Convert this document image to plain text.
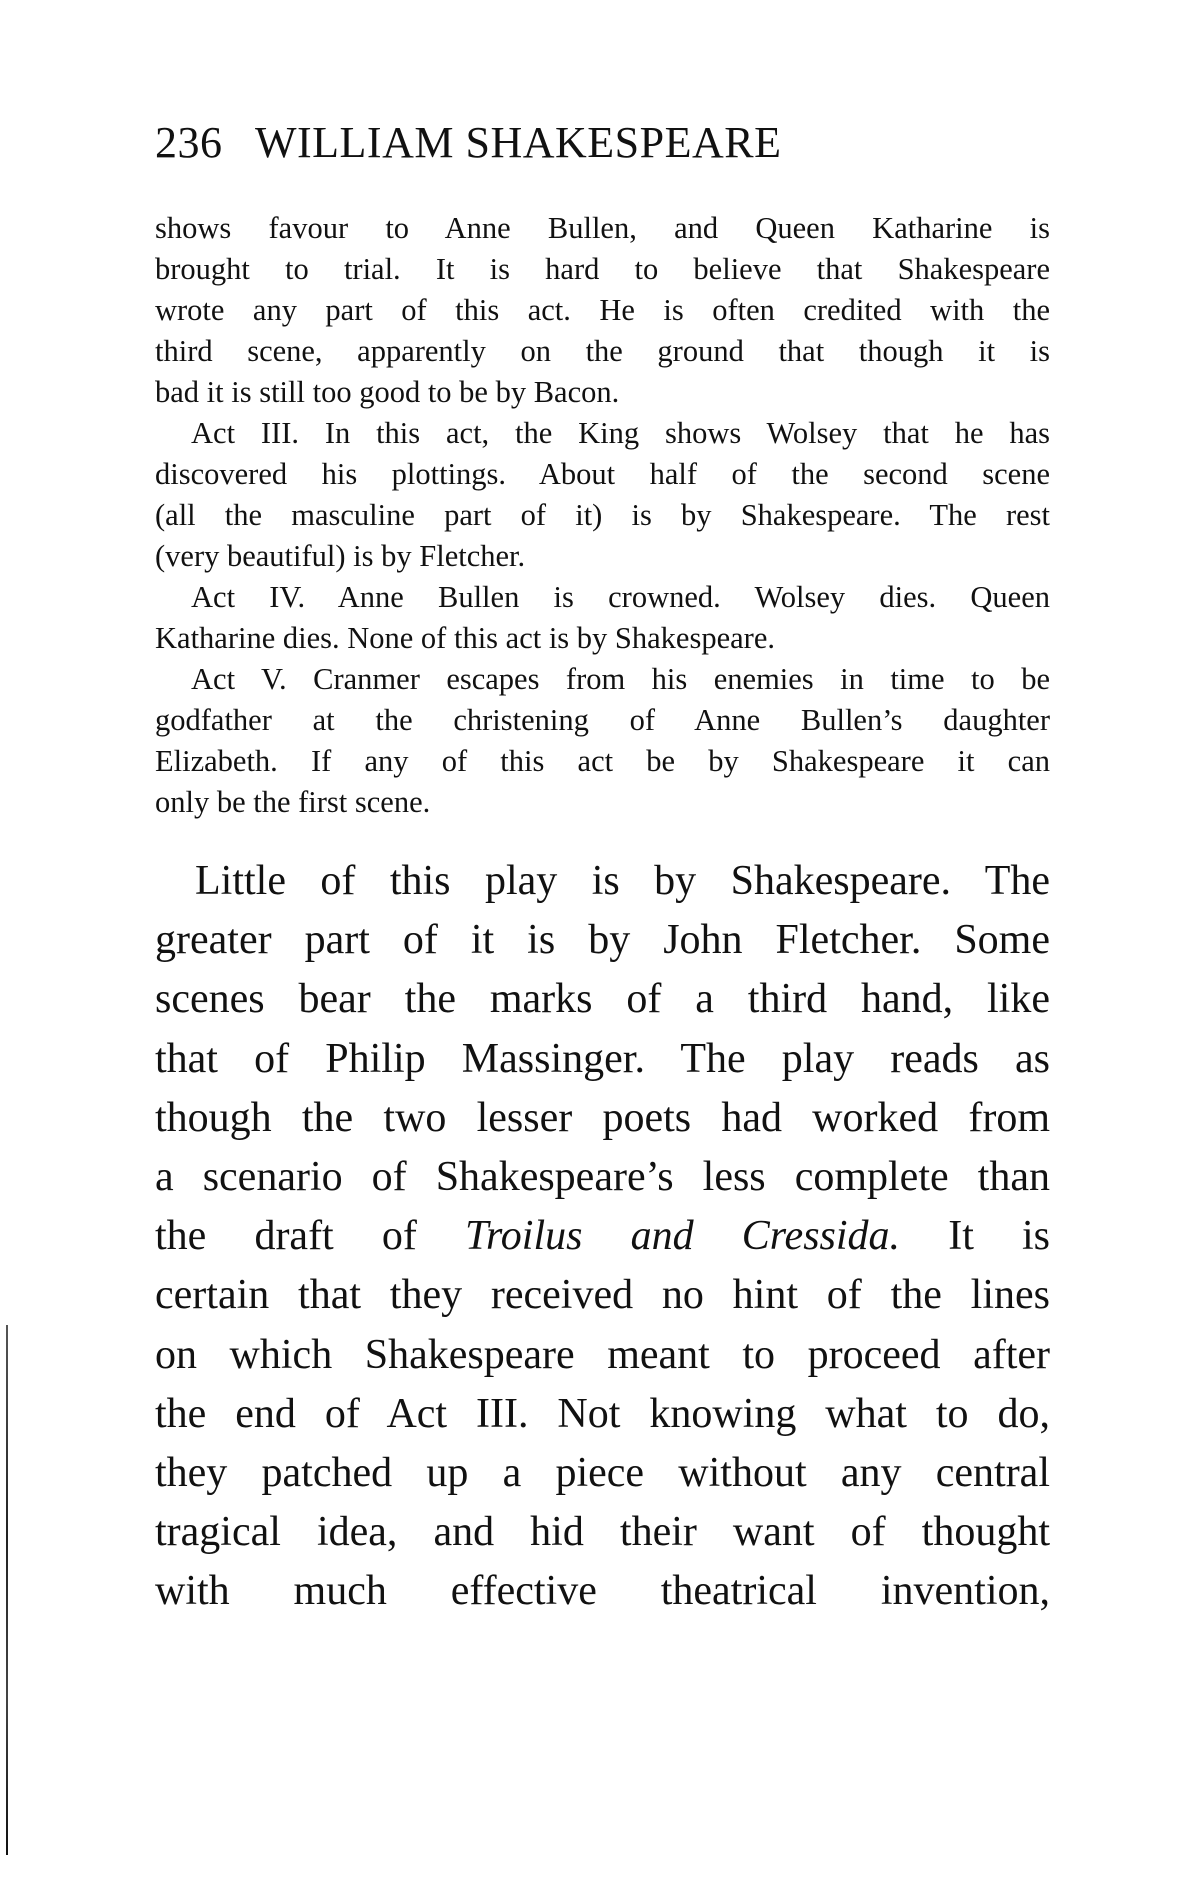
236 WILLIAM SHAKESPEARE

shows favour to Anne Bullen, and Queen Katharine is
brought to trial. It is hard to believe that Shakespeare
wrote any part of this act. He is often credited with the
third scene, apparently on the ground that though it is
bad it is still too good to be by Bacon.

Act III. In this act, the King shows Wolsey that he has
discovered his plottings. About half of the second scene
(all the masculine part of it) is by Shakespeare. The rest
(very beautiful) is by Fletcher.

Act IV. Anne Bullen is crowned. Wolsey dies. Queen
Katharine dies. None of this act is by Shakespeare.

Act V. Cranmer escapes from his enemies in time to be
godfather at the christening of Anne Bullen’s daughter
Elizabeth. If any of this act be by Shakespeare it can
only be the first scene.

Little of this play is by Shakespeare. The
greater part of it is by John Fletcher. Some
scenes bear the marks of a third hand, like
that of Philip Massinger. The play reads as
though the two lesser poets had worked from
a scenario of Shakespeare’s less complete than
the draft of Troilus and Cressida. It is
certain that they received no hint of the lines
on which Shakespeare meant to proceed after
the end of Act III. Not knowing what to do,
they patched up a piece without any central
tragical idea, and hid their want of thought
with much effective theatrical invention,
